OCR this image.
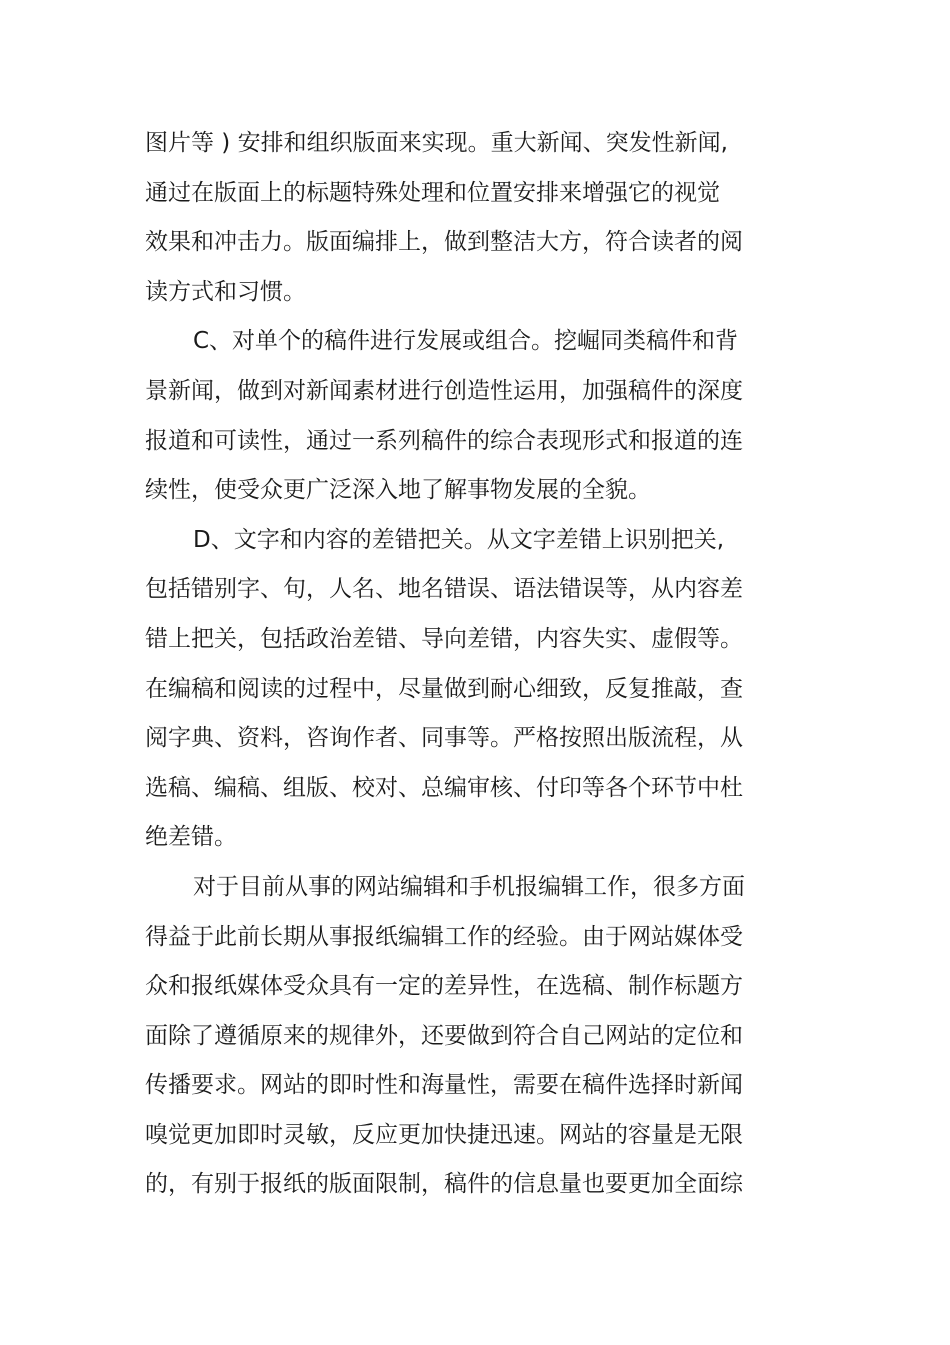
图片等 ) 安排和组织版面来实现。重大新闻、突发性新闻,
通过在版面上的标题特殊处理和位置安排来增强它的视觉
效果和冲击力。版面编排上，做到整洁大方，符合读者的阅
读方式和习惯。
C、对单个的稿件进行发展或组合。挖崛同类稿件和背
景新闻，做到对新闻素材进行创造性运用，加强稿件的深度
报道和可读性，通过一系列稿件的综合表现形式和报道的连
续性，使受众更广泛深入地了解事物发展的全貌。
D、文字和内容的差错把关。从文字差错上识别把关,
包括错别字、句，人名、地名错误、语法错误等，从内容差
错上把关，包括政治差错、导向差错，内容失实、虚假等。
在编稿和阅读的过程中，尽量做到耐心细致，反复推敲，查
阅字典、资料，咨询作者、同事等。严格按照出版流程，从
选稿、编稿、组版、校对、总编审核、付印等各个环节中杜
绝差错。
对于目前从事的网站编辑和手机报编辑工作，很多方面
得益于此前长期从事报纸编辑工作的经验。由于网站媒体受
众和报纸媒体受众具有一定的差异性，在选稿、制作标题方
面除了遵循原来的规律外，还要做到符合自己网站的定位和
传播要求。网站的即时性和海量性，需要在稿件选择时新闻
嗅觉更加即时灵敏，反应更加快捷迅速。网站的容量是无限
的，有别于报纸的版面限制，稿件的信息量也要更加全面综
